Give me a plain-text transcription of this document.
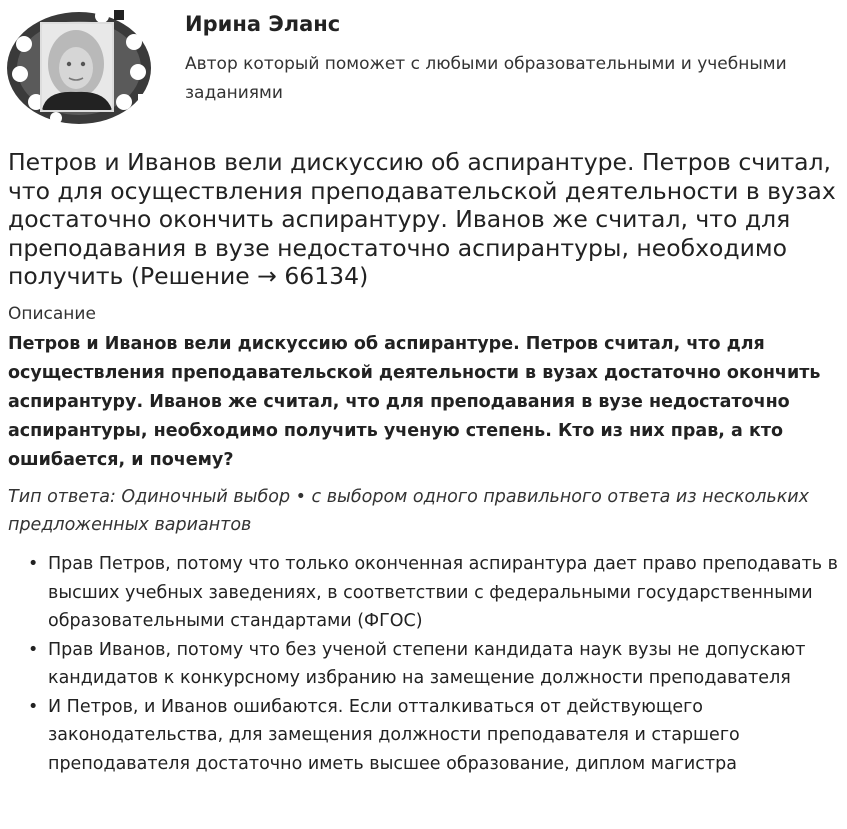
Ирина Эланс
Автор который поможет с любыми образовательными и учебными заданиями
Петров и Иванов вели дискуссию об аспирантуре. Петров считал, что для осуществления преподавательской деятельности в вузах достаточно окончить аспирантуру. Иванов же считал, что для преподавания в вузе недостаточно аспирантуры, необходимо получить (Решение → 66134)
Описание
Петров и Иванов вели дискуссию об аспирантуре. Петров считал, что для осуществления преподавательской деятельности в вузах достаточно окончить аспирантуру. Иванов же считал, что для преподавания в вузе недостаточно аспирантуры, необходимо получить ученую степень. Кто из них прав, а кто ошибается, и почему?
Тип ответа: Одиночный выбор • с выбором одного правильного ответа из нескольких предложенных вариантов
• Прав Петров, потому что только оконченная аспирантура дает право преподавать в высших учебных заведениях, в соответствии с федеральными государственными образовательными стандартами (ФГОС)
• Прав Иванов, потому что без ученой степени кандидата наук вузы не допускают кандидатов к конкурсному избранию на замещение должности преподавателя
• И Петров, и Иванов ошибаются. Если отталкиваться от действующего законодательства, для замещения должности преподавателя и старшего преподавателя достаточно иметь высшее образование, диплом магистра
